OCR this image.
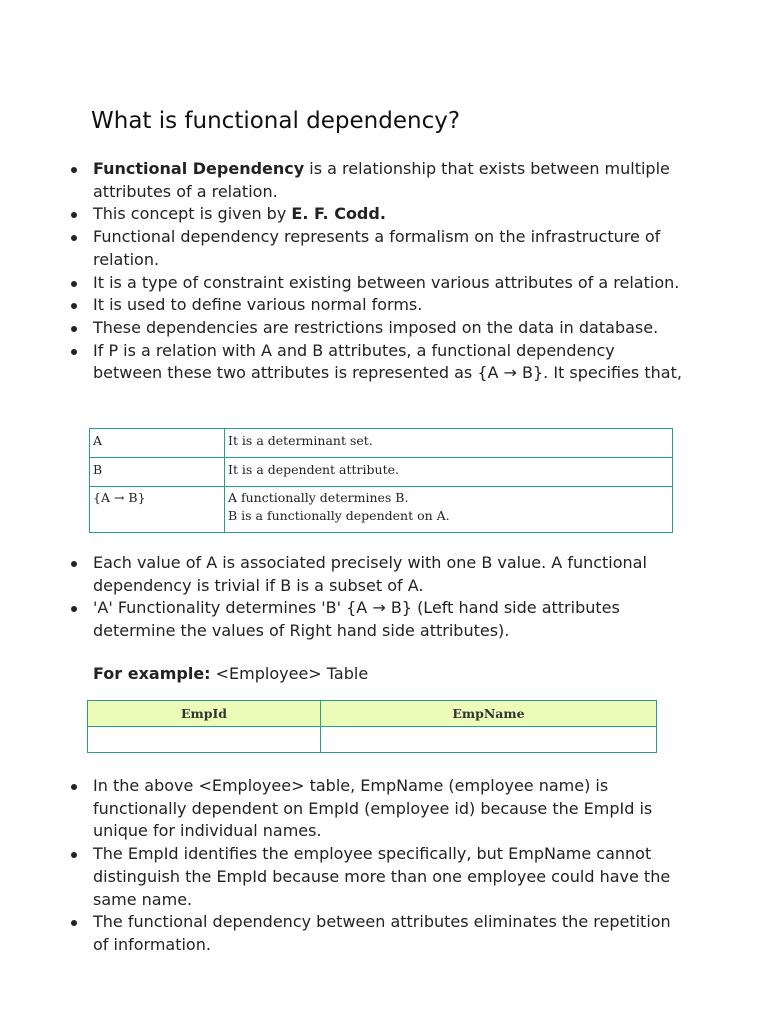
What is functional dependency?
Functional Dependency is a relationship that exists between multiple attributes of a relation.
This concept is given by E. F. Codd.
Functional dependency represents a formalism on the infrastructure of relation.
It is a type of constraint existing between various attributes of a relation.
It is used to define various normal forms.
These dependencies are restrictions imposed on the data in database.
If P is a relation with A and B attributes, a functional dependency between these two attributes is represented as {A → B}. It specifies that,
A	It is a determinant set.
B	It is a dependent attribute.
{A → B}	A functionally determines B.
B is a functionally dependent on A.
Each value of A is associated precisely with one B value. A functional dependency is trivial if B is a subset of A.
'A' Functionality determines 'B' {A → B} (Left hand side attributes determine the values of Right hand side attributes).
For example: <Employee> Table
EmpId	EmpName

In the above <Employee> table, EmpName (employee name) is functionally dependent on EmpId (employee id) because the EmpId is unique for individual names.
The EmpId identifies the employee specifically, but EmpName cannot distinguish the EmpId because more than one employee could have the same name.
The functional dependency between attributes eliminates the repetition of information.
